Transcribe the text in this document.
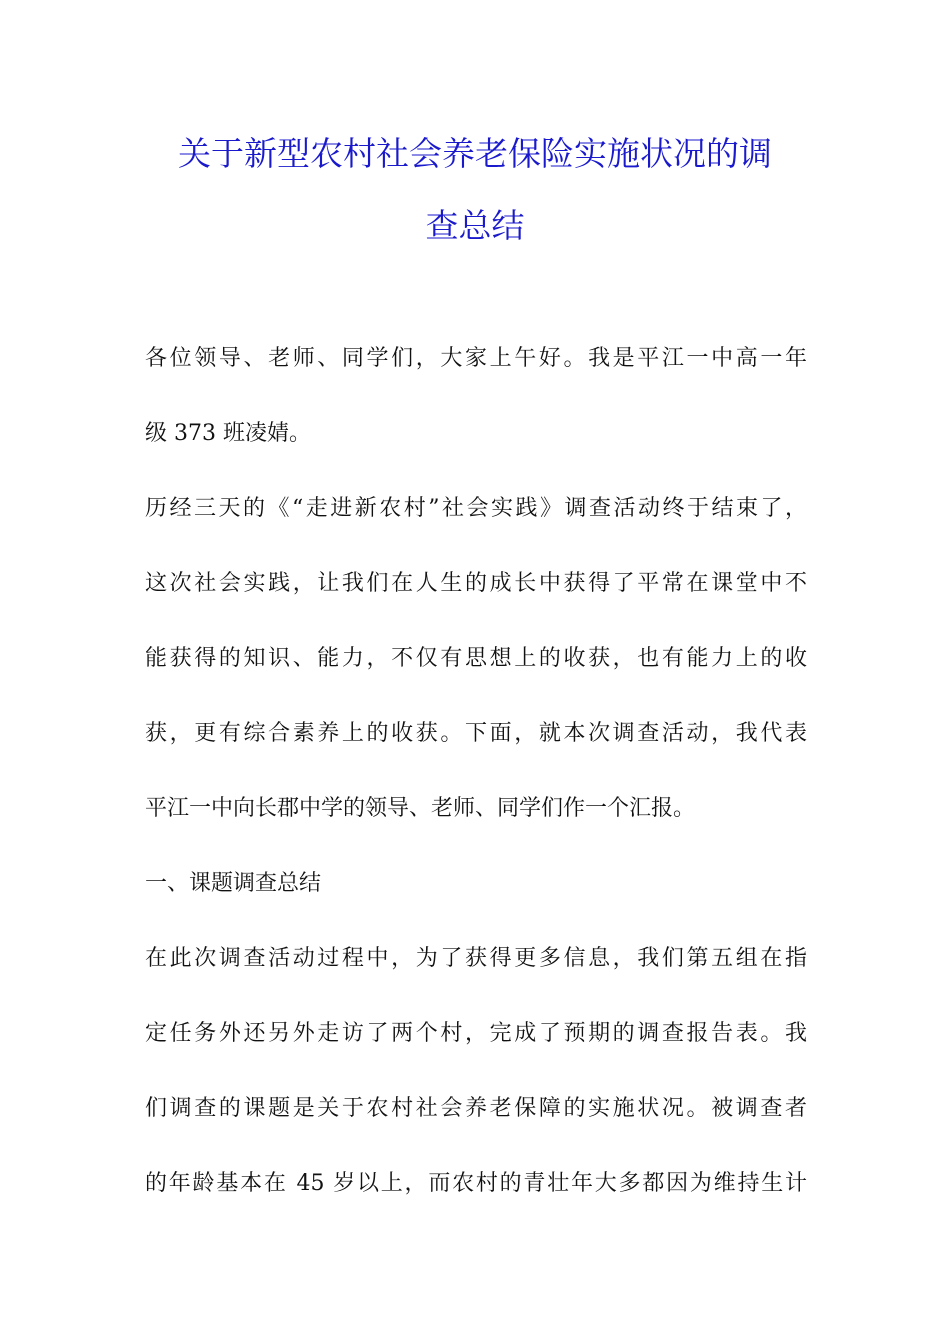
关于新型农村社会养老保险实施状况的调
查总结
各位领导、老师、同学们，大家上午好。我是平江一中高一年
级 373 班凌婧。
历经三天的《“走进新农村”社会实践》调查活动终于结束了，
这次社会实践，让我们在人生的成长中获得了平常在课堂中不
能获得的知识、能力，不仅有思想上的收获，也有能力上的收
获，更有综合素养上的收获。下面，就本次调查活动，我代表
平江一中向长郡中学的领导、老师、同学们作一个汇报。
一、课题调查总结
在此次调查活动过程中，为了获得更多信息，我们第五组在指
定任务外还另外走访了两个村，完成了预期的调查报告表。我
们调查的课题是关于农村社会养老保障的实施状况。被调查者
的年龄基本在 45 岁以上，而农村的青壮年大多都因为维持生计
